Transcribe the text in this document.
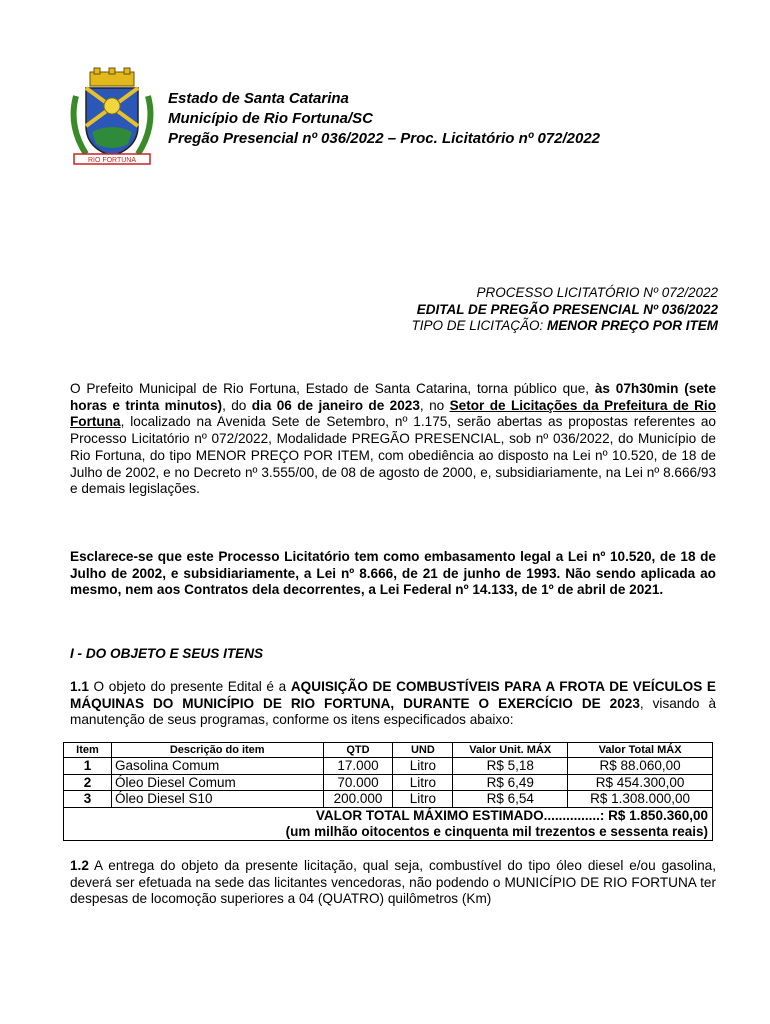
RIO FORTUNA
Estado de Santa Catarina
Município de Rio Fortuna/SC
Pregão Presencial nº 036/2022 – Proc. Licitatório nº 072/2022
PROCESSO LICITATÓRIO Nº 072/2022
EDITAL DE PREGÃO PRESENCIAL Nº 036/2022
TIPO DE LICITAÇÃO: MENOR PREÇO POR ITEM
O Prefeito Municipal de Rio Fortuna, Estado de Santa Catarina, torna público que, às 07h30min (sete horas e trinta minutos), do dia 06 de janeiro de 2023, no Setor de Licitações da Prefeitura de Rio Fortuna, localizado na Avenida Sete de Setembro, nº 1.175, serão abertas as propostas referentes ao Processo Licitatório nº 072/2022, Modalidade PREGÃO PRESENCIAL, sob nº 036/2022, do Município de Rio Fortuna, do tipo MENOR PREÇO POR ITEM, com obediência ao disposto na Lei nº 10.520, de 18 de Julho de 2002, e no Decreto nº 3.555/00, de 08 de agosto de 2000, e, subsidiariamente, na Lei nº 8.666/93 e demais legislações.
Esclarece-se que este Processo Licitatório tem como embasamento legal a Lei nº 10.520, de 18 de Julho de 2002, e subsidiariamente, a Lei nº 8.666, de 21 de junho de 1993. Não sendo aplicada ao mesmo, nem aos Contratos dela decorrentes, a Lei Federal nº 14.133, de 1º de abril de 2021.
I - DO OBJETO E SEUS ITENS
1.1 O objeto do presente Edital é a AQUISIÇÃO DE COMBUSTÍVEIS PARA A FROTA DE VEÍCULOS E MÁQUINAS DO MUNICÍPIO DE RIO FORTUNA, DURANTE O EXERCÍCIO DE 2023, visando à manutenção de seus programas, conforme os itens especificados abaixo:
Item	Descrição do item	QTD	UND	Valor Unit. MÁX	Valor Total MÁX
1	Gasolina Comum	17.000	Litro	R$ 5,18	R$ 88.060,00
2	Óleo Diesel Comum	70.000	Litro	R$ 6,49	R$ 454.300,00
3	Óleo Diesel S10	200.000	Litro	R$ 6,54	R$ 1.308.000,00

VALOR TOTAL MÁXIMO ESTIMADO...............: R$ 1.850.360,00
(um milhão oitocentos e cinquenta mil trezentos e sessenta reais)					
1.2 A entrega do objeto da presente licitação, qual seja, combustível do tipo óleo diesel e/ou gasolina, deverá ser efetuada na sede das licitantes vencedoras, não podendo o MUNICÍPIO DE RIO FORTUNA ter despesas de locomoção superiores a 04 (QUATRO) quilômetros (Km)
